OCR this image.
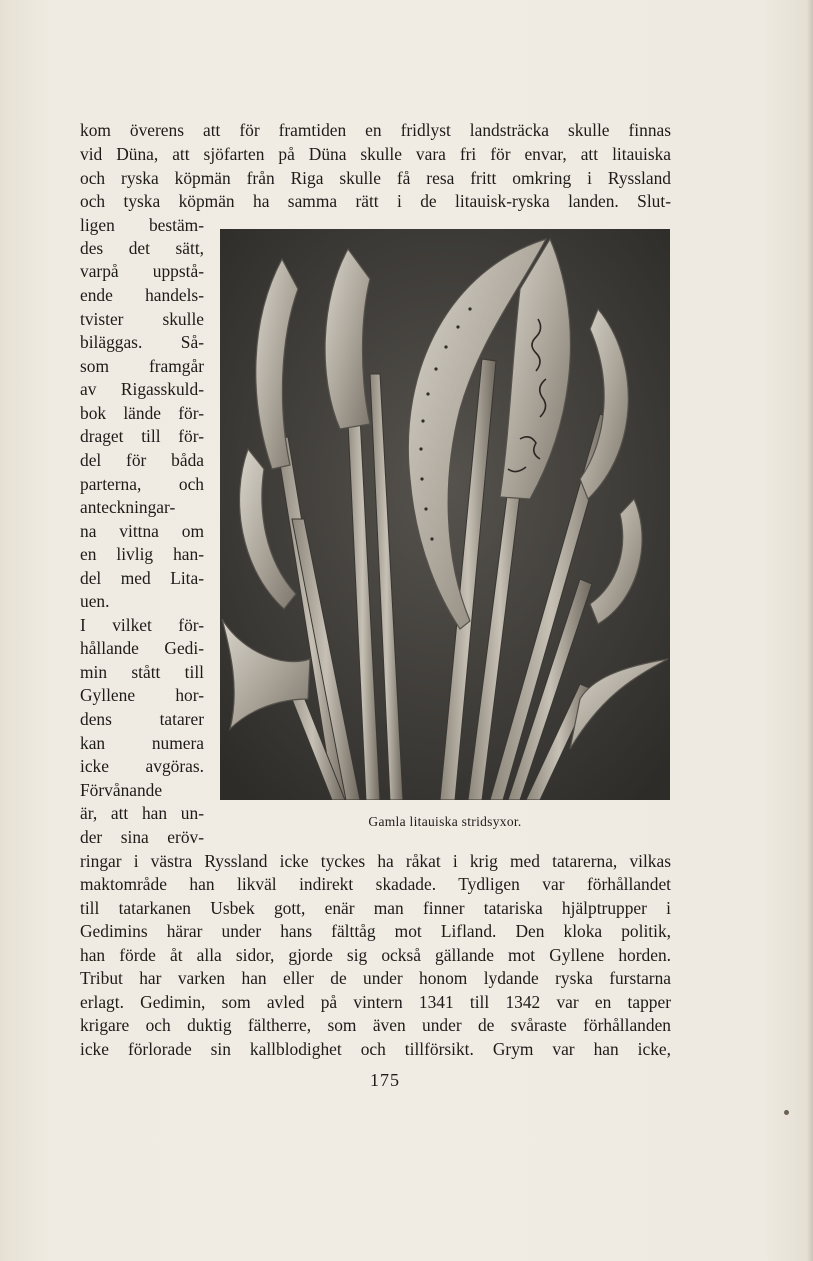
kom överens att för framtiden en fridlyst landsträcka skulle finnas
vid Düna, att sjöfarten på Düna skulle vara fri för envar, att litauiska
och ryska köpmän från Riga skulle få resa fritt omkring i Ryssland
och tyska köpmän ha samma rätt i de litauisk-ryska landen. Slut-
ligen bestäm-
des det sätt,
varpå uppstå-
ende handels-
tvister skulle
biläggas. Så-
som framgår
av Rigasskuld-
bok lände för-
draget till för-
del för båda
parterna, och
anteckningar-
na vittna om
en livlig han-
del med Lita-
uen.
I vilket för-
hållande Gedi-
min stått till
Gyllene hor-
dens tatarer
kan numera
icke avgöras.
Förvånande
är, att han un-
der sina eröv-
ringar i västra Ryssland icke tyckes ha råkat i krig med tatarerna, vilkas
maktområde han likväl indirekt skadade. Tydligen var förhållandet
till tatarkanen Usbek gott, enär man finner tatariska hjälptrupper i
Gedimins härar under hans fälttåg mot Lifland. Den kloka politik,
han förde åt alla sidor, gjorde sig också gällande mot Gyllene horden.
Tribut har varken han eller de under honom lydande ryska furstarna
erlagt. Gedimin, som avled på vintern 1341 till 1342 var en tapper
krigare och duktig fältherre, som även under de svåraste förhållanden
icke förlorade sin kallblodighet och tillförsikt. Grym var han icke,
Gamla litauiska stridsyxor.
175
